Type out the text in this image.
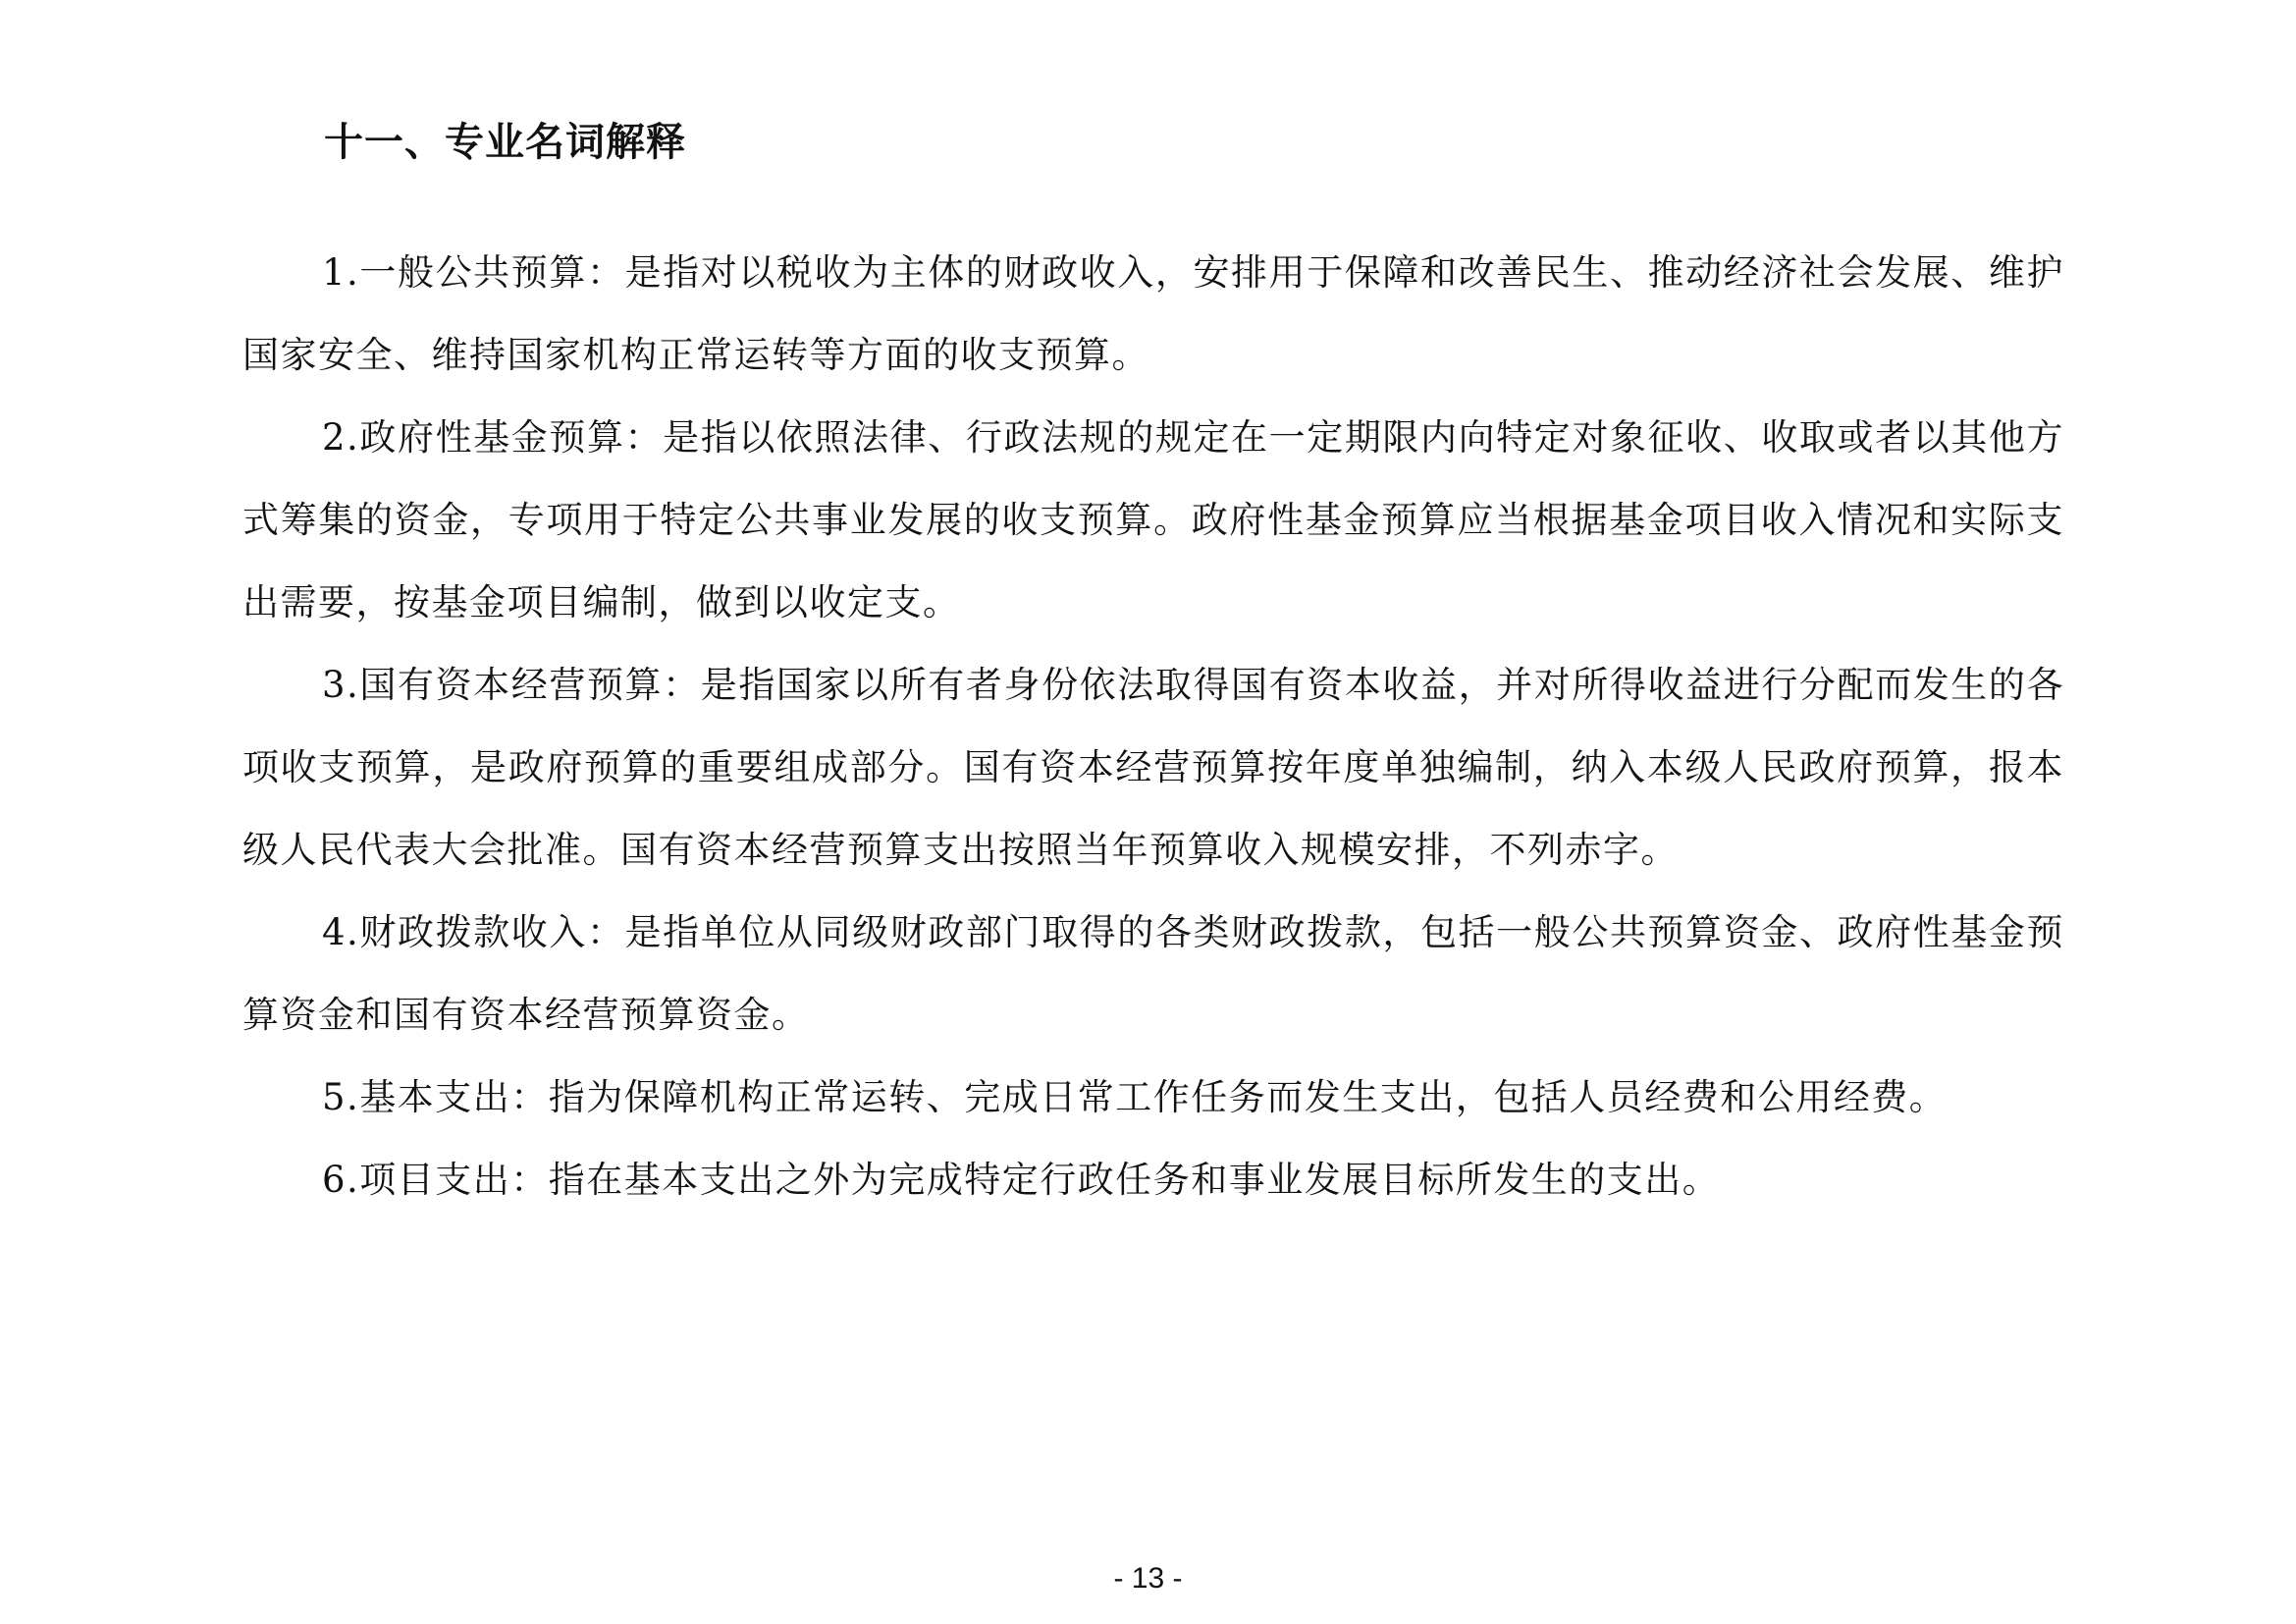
十一、专业名词解释

1.一般公共预算：是指对以税收为主体的财政收入，安排用于保障和改善民生、推动经济社会发展、维护国家安全、维持国家机构正常运转等方面的收支预算。

2.政府性基金预算：是指以依照法律、行政法规的规定在一定期限内向特定对象征收、收取或者以其他方式筹集的资金，专项用于特定公共事业发展的收支预算。政府性基金预算应当根据基金项目收入情况和实际支出需要，按基金项目编制，做到以收定支。

3.国有资本经营预算：是指国家以所有者身份依法取得国有资本收益，并对所得收益进行分配而发生的各项收支预算，是政府预算的重要组成部分。国有资本经营预算按年度单独编制，纳入本级人民政府预算，报本级人民代表大会批准。国有资本经营预算支出按照当年预算收入规模安排，不列赤字。

4.财政拨款收入：是指单位从同级财政部门取得的各类财政拨款，包括一般公共预算资金、政府性基金预算资金和国有资本经营预算资金。

5.基本支出：指为保障机构正常运转、完成日常工作任务而发生支出，包括人员经费和公用经费。

6.项目支出：指在基本支出之外为完成特定行政任务和事业发展目标所发生的支出。

- 13 -
